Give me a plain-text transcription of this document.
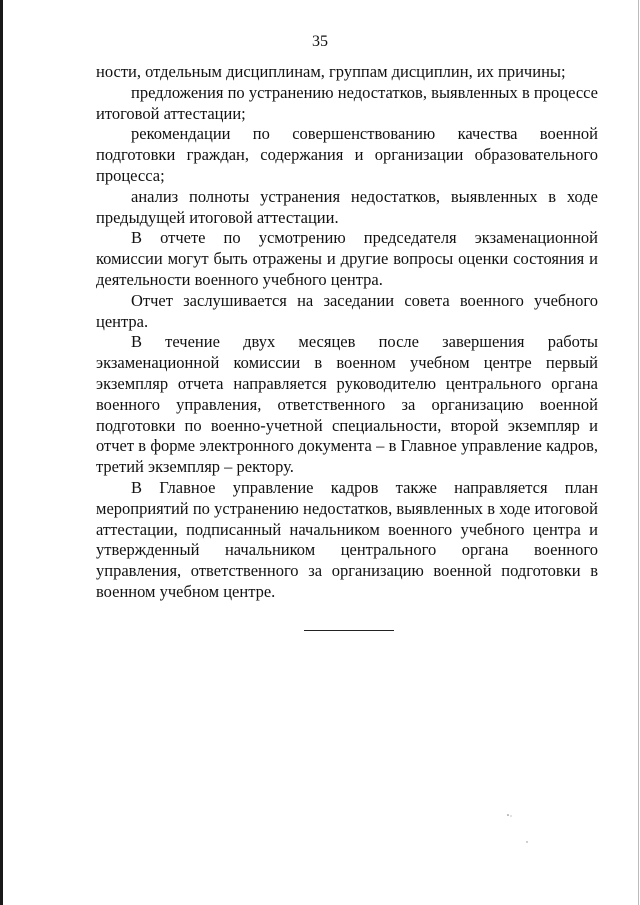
35

ности, отдельным дисциплинам, группам дисциплин, их причины;

предложения по устранению недостатков, выявленных в процессе итоговой аттестации;

рекомендации по совершенствованию качества военной подготовки граждан, содержания и организации образовательного процесса;

анализ полноты устранения недостатков, выявленных в ходе предыдущей итоговой аттестации.

В отчете по усмотрению председателя экзаменационной комиссии могут быть отражены и другие вопросы оценки состояния и деятельности военного учебного центра.

Отчет заслушивается на заседании совета военного учебного центра.

В течение двух месяцев после завершения работы экзаменационной комиссии в военном учебном центре первый экземпляр отчета направляется руководителю центрального органа военного управления, ответственного за организацию военной подготовки по военно-учетной специальности, второй экземпляр и отчет в форме электронного документа – в Главное управление кадров, третий экземпляр – ректору.

В Главное управление кадров также направляется план мероприятий по устранению недостатков, выявленных в ходе итоговой аттестации, подписанный начальником военного учебного центра и утвержденный начальником центрального органа военного управления, ответственного за организацию военной подготовки в военном учебном центре.
